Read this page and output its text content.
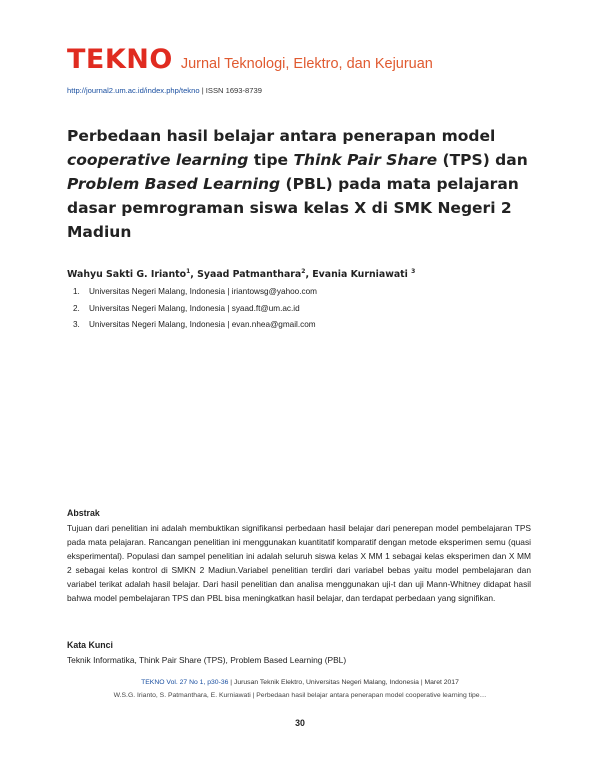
TEKNO Jurnal Teknologi, Elektro, dan Kejuruan
http://journal2.um.ac.id/index.php/tekno | ISSN 1693-8739
Perbedaan hasil belajar antara penerapan model
cooperative learning tipe Think Pair Share (TPS) dan
Problem Based Learning (PBL) pada mata pelajaran dasar pemrograman siswa kelas X di SMK Negeri 2 Madiun
Wahyu Sakti G. Irianto$^1$, Syaad Patmanthara$^2$, Evania Kurniawati $^3$
1. Universitas Negeri Malang, Indonesia | iriantowsg@yahoo.com
2. Universitas Negeri Malang, Indonesia | syaad.ft@um.ac.id
3. Universitas Negeri Malang, Indonesia | evan.nhea@gmail.com
Abstrak

Tujuan dari penelitian ini adalah membuktikan signifikansi perbedaan hasil belajar dari penerepan model pembelajaran TPS pada mata pelajaran. Rancangan penelitian ini menggunakan kuantitatif komparatif dengan metode eksperimen semu (quasi eksperimental). Populasi dan sampel penelitian ini adalah seluruh siswa kelas X MM 1 sebagai kelas eksperimen dan X MM 2 sebagai kelas kontrol di SMKN 2 Madiun.Variabel penelitian terdiri dari variabel bebas yaitu model pembelajaran dan variabel terikat adalah hasil belajar. Dari hasil penelitian dan analisa menggunakan uji-t dan uji Mann-Whitney didapat hasil bahwa model pembelajaran TPS dan PBL bisa meningkatkan hasil belajar, dan terdapat perbedaan yang signifikan.

Kata Kunci
Teknik Informatika, Think Pair Share (TPS), Problem Based Learning (PBL)
TEKNO Vol. 27 No 1, p30-36 | Jurusan Teknik Elektro, Universitas Negeri Malang, Indonesia | Maret 2017
W.S.G. Irianto, S. Patmanthara, E. Kurniawati | Perbedaan hasil belajar antara penerapan model cooperative learning tipe…
30
